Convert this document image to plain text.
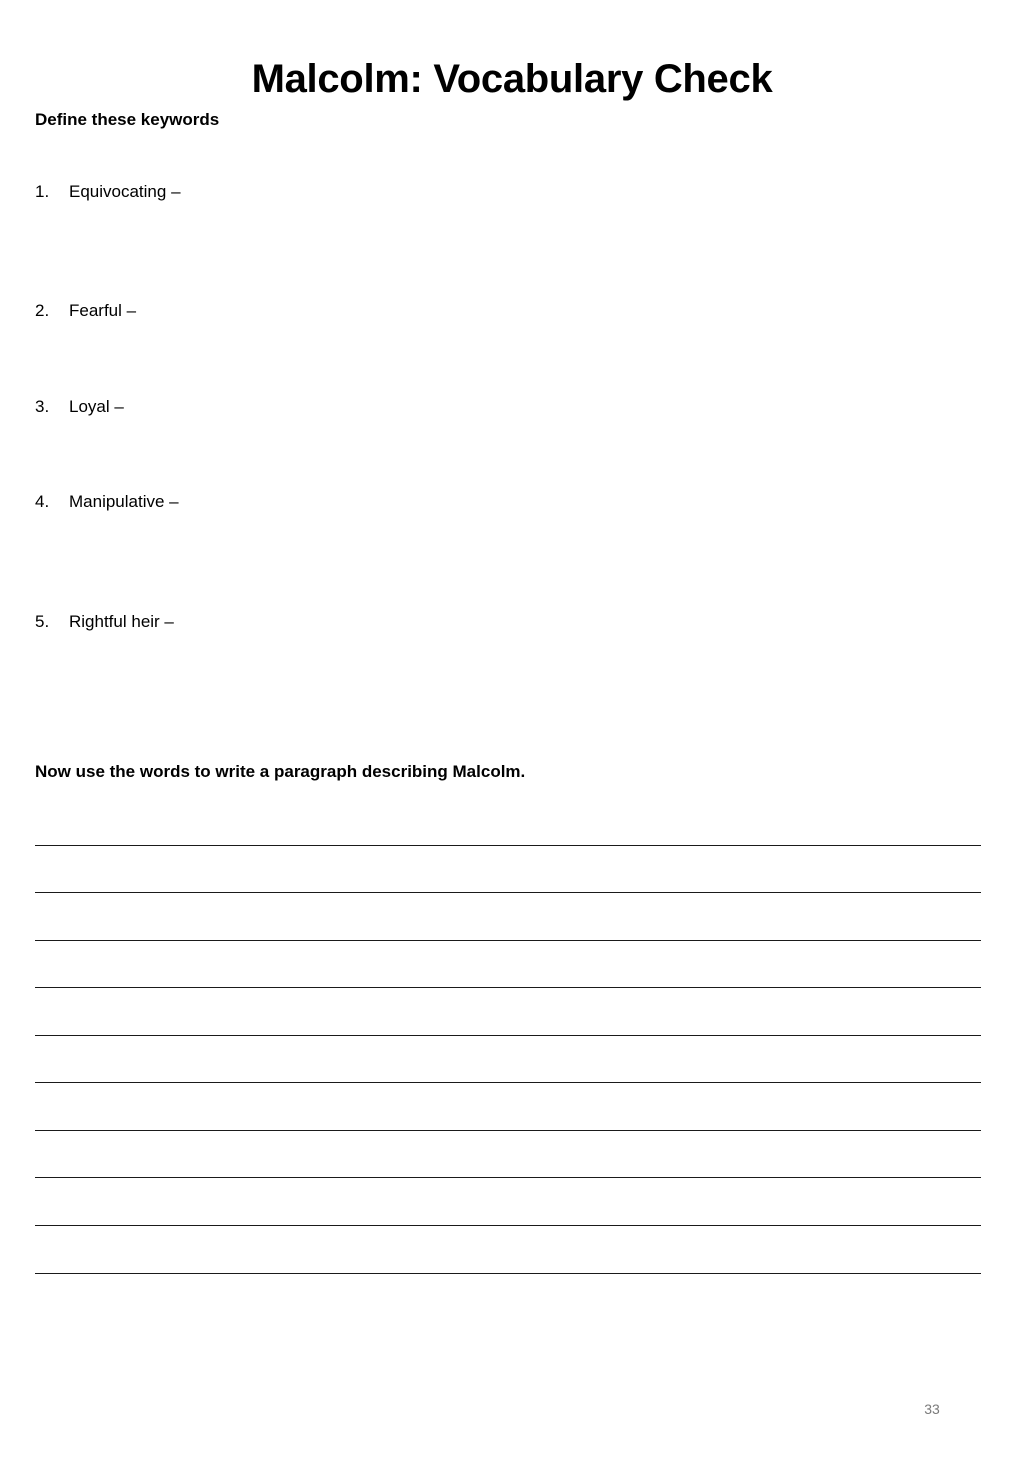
Malcolm: Vocabulary Check
Define these keywords
1. Equivocating –
2. Fearful –
3. Loyal –
4. Manipulative –
5. Rightful heir –
Now use the words to write a paragraph describing Malcolm.
33
